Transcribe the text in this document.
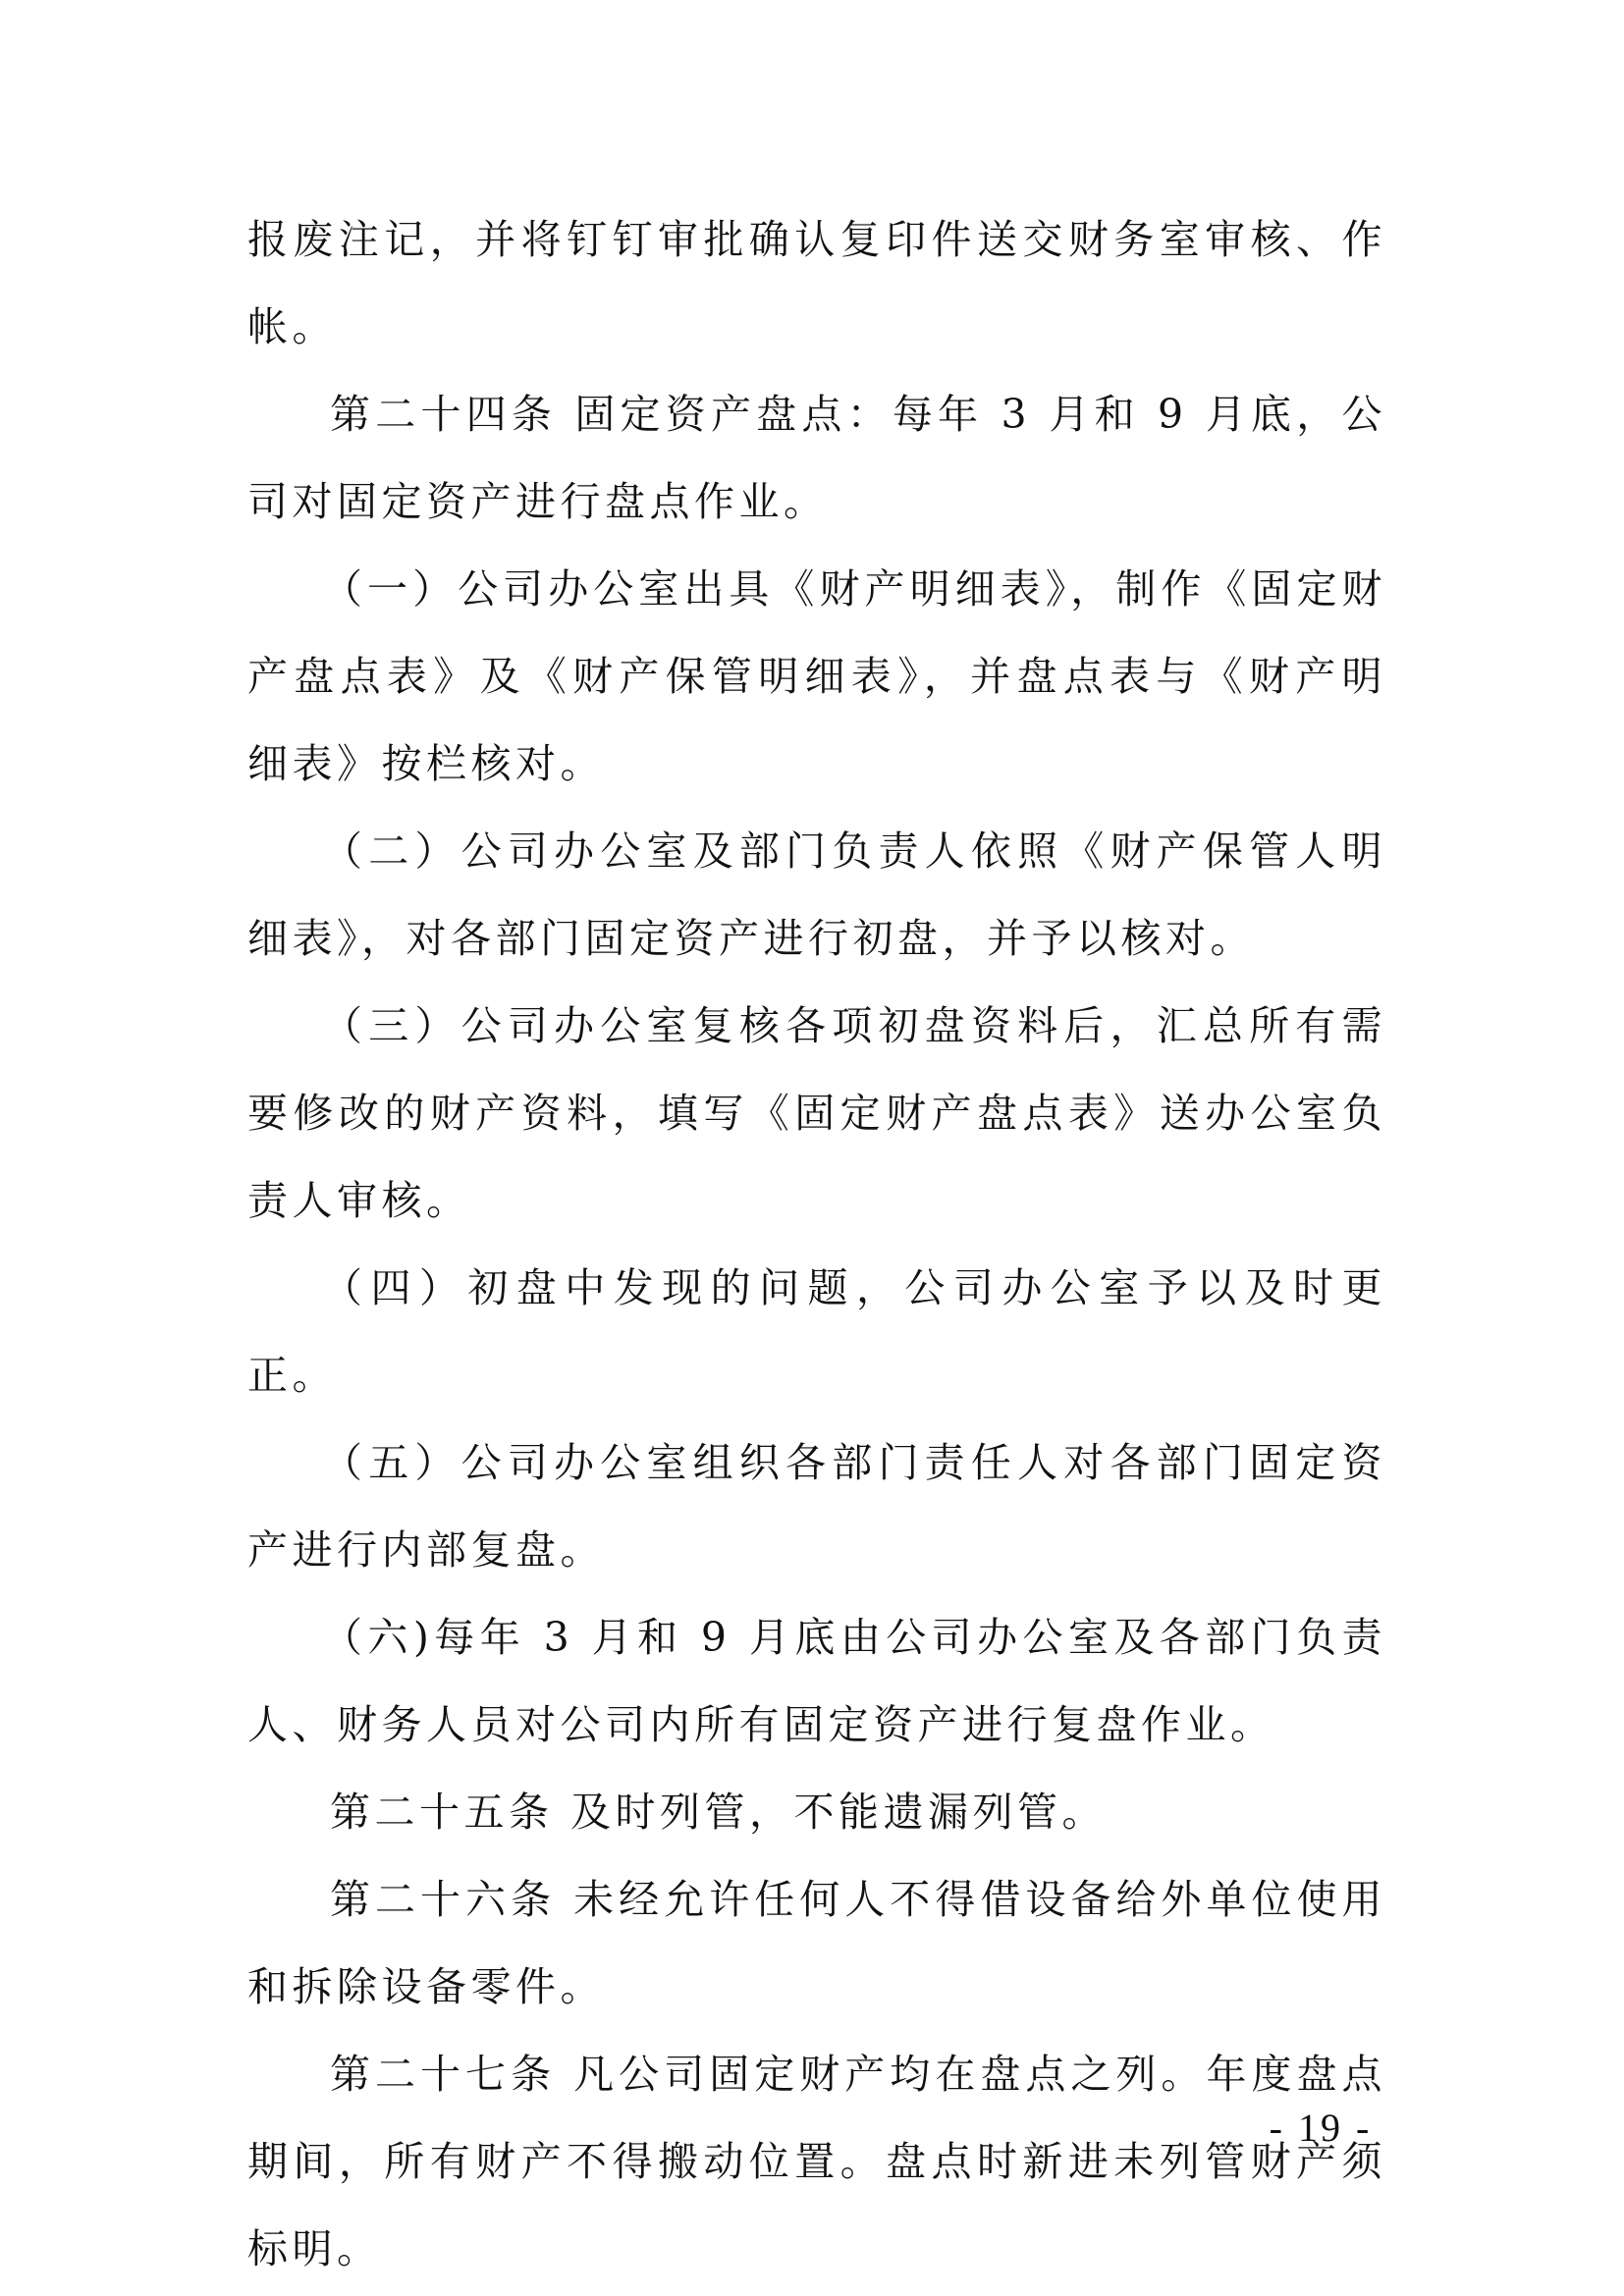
报废注记，并将钉钉审批确认复印件送交财务室审核、作帐。

第二十四条 固定资产盘点：每年 3 月和 9 月底，公司对固定资产进行盘点作业。

（一）公司办公室出具《财产明细表》，制作《固定财产盘点表》及《财产保管明细表》，并盘点表与《财产明细表》按栏核对。

（二）公司办公室及部门负责人依照《财产保管人明细表》，对各部门固定资产进行初盘，并予以核对。

（三）公司办公室复核各项初盘资料后，汇总所有需要修改的财产资料，填写《固定财产盘点表》送办公室负责人审核。

（四）初盘中发现的问题，公司办公室予以及时更正。

（五）公司办公室组织各部门责任人对各部门固定资产进行内部复盘。

（六)每年 3 月和 9 月底由公司办公室及各部门负责人、财务人员对公司内所有固定资产进行复盘作业。

第二十五条 及时列管，不能遗漏列管。

第二十六条 未经允许任何人不得借设备给外单位使用和拆除设备零件。

第二十七条 凡公司固定财产均在盘点之列。年度盘点期间，所有财产不得搬动位置。盘点时新进未列管财产须标明。

- 19 -
